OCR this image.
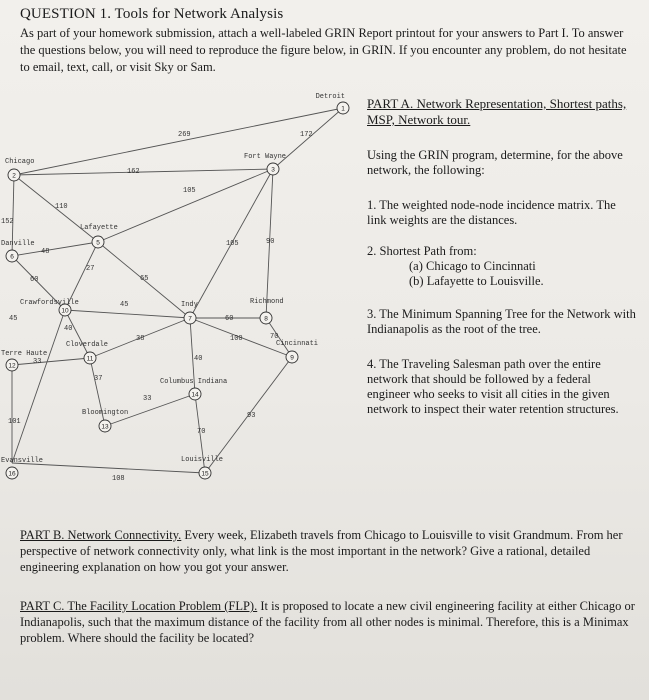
QUESTION 1. Tools for Network Analysis

As part of your homework submission, attach a well-labeled GRIN Report printout for your answers to Part I. To answer the questions below, you will need to reproduce the figure below, in GRIN. If you encounter any problem, do not hesitate to email, text, call, or visit Sky or Sam.

1
Detroit
2
Chicago
3
Fort Wayne
5
Lafayette
6
Danville
7
Indy
8
Richmond
9
Cincinnati
10
Crawfordsville
11
Cloverdale
12
Terre Haute
13
Bloomington
14
Columbus Indiana
15
Louisville
16
Evansville
269	172
162
105
110
152
105	90
48
27
65
60
45
45
40
38	100	70
40
33
37
33
93
70
101
108
60

PART A. Network Representation, Shortest paths, MSP, Network tour.

Using the GRIN program, determine, for the above network, the following:

1. The weighted node-node incidence matrix. The link weights are the distances.

2. Shortest Path from:

(a) Chicago to Cincinnati

(b) Lafayette to Louisville.

3. The Minimum Spanning Tree for the Network with Indianapolis as the root of the tree.

4. The Traveling Salesman path over the entire network that should be followed by a federal engineer who seeks to visit all cities in the given network to inspect their water retention structures.

PART B. Network Connectivity. Every week, Elizabeth travels from Chicago to Louisville to visit Grandmum. From her perspective of network connectivity only, what link is the most important in the network? Give a rational, detailed engineering explanation on how you got your answer.

PART C. The Facility Location Problem (FLP). It is proposed to locate a new civil engineering facility at either Chicago or Indianapolis, such that the maximum distance of the facility from all other nodes is minimal. Therefore, this is a Minimax problem. Where should the facility be located?
